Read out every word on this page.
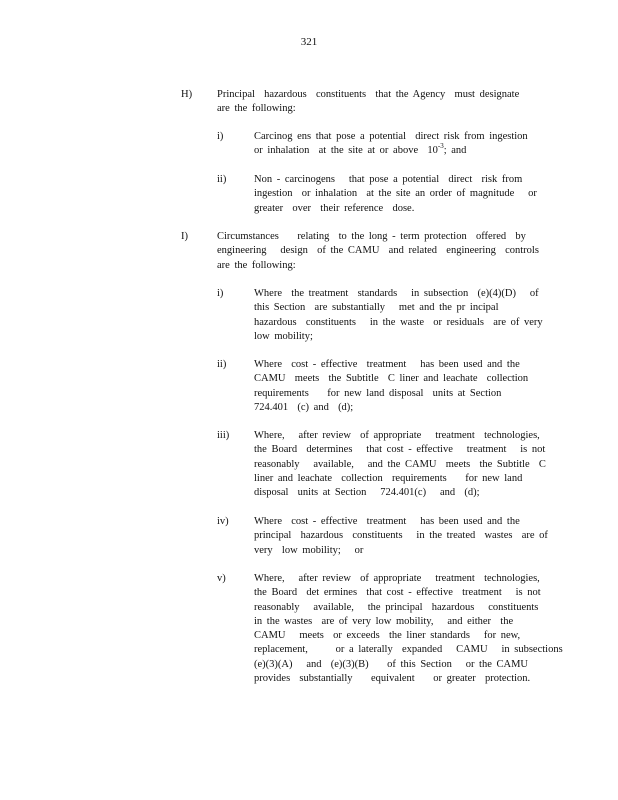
321
H) Principal  hazardous  constituents  that the Agency  must designate
are the following:
i)	Carcinog ens that pose a potential  direct risk from ingestion
or inhalation  at the site at or above  $10^{-3}$; and
ii)	Non - carcinogens   that pose a potential  direct  risk from
ingestion  or inhalation  at the site an order of magnitude   or
greater  over  their reference  dose.
I)	Circumstances    relating  to the long - term protection  offered  by
engineering   design  of the CAMU  and related  engineering  controls
are the following:
i)	Where  the treatment  standards   in subsection  (e)(4)(D)   of
this Section  are substantially   met and the pr incipal
hazardous  constituents   in the waste  or residuals  are of very
low mobility;
ii)	Where  cost - effective  treatment   has been used and the
CAMU  meets  the Subtitle  C liner and leachate  collection
requirements    for new land disposal  units at Section
724.401  (c) and  (d);
iii) Where,   after review  of appropriate   treatment  technologies,
the Board  determines   that cost - effective   treatment   is not
reasonably   available,   and the CAMU  meets  the Subtitle  C
liner and leachate  collection  requirements    for new land
disposal  units at Section   724.401(c)   and  (d);
iv) Where  cost - effective  treatment   has been used and the
principal  hazardous  constituents   in the treated  wastes  are of
very  low mobility;   or
v)	Where,   after review  of appropriate   treatment  technologies,
the Board  det ermines  that cost - effective  treatment   is not
reasonably   available,   the principal  hazardous   constituents
in the wastes  are of very low mobility,   and either  the
CAMU   meets  or exceeds  the liner standards   for new,
replacement,      or a laterally  expanded   CAMU   in subsections
(e)(3)(A)   and  (e)(3)(B)    of this Section   or the CAMU
provides  substantially    equivalent    or greater  protection.
